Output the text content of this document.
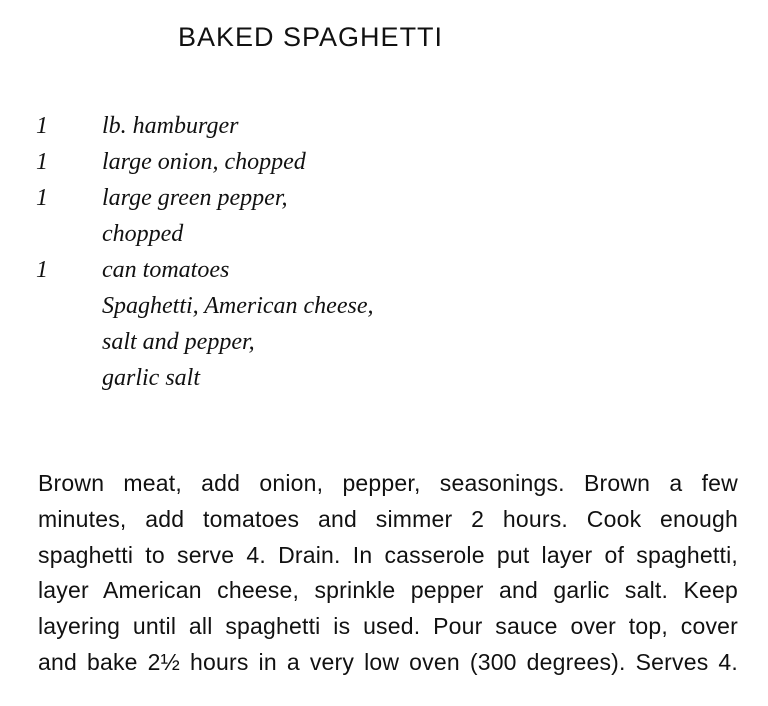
BAKED SPAGHETTI
1	lb. hamburger
1	large onion, chopped
1	large green pepper,
chopped
1	can tomatoes
Spaghetti, American cheese,
salt and pepper,
garlic salt
Brown meat, add onion, pepper, seasonings. Brown a few
minutes, add tomatoes and simmer 2 hours. Cook enough
spaghetti to serve 4. Drain. In casserole put layer of spaghetti,
layer American cheese, sprinkle pepper and garlic salt. Keep
layering until all spaghetti is used. Pour sauce over top, cover
and bake 2½ hours in a very low oven (300 degrees). Serves 4.
